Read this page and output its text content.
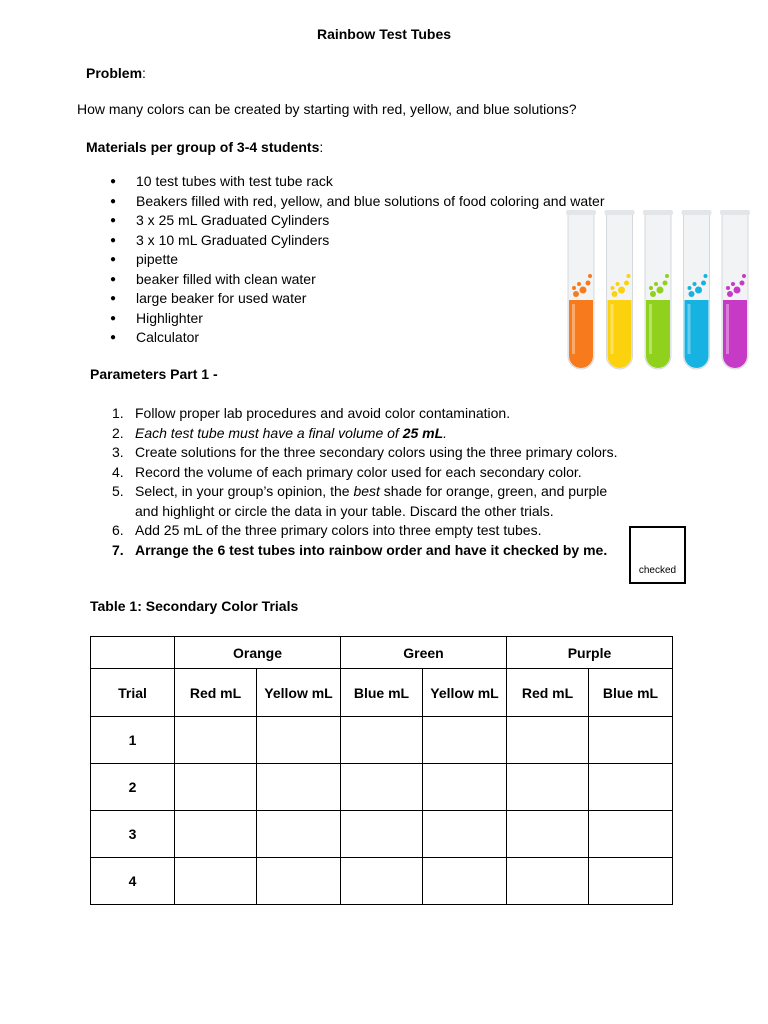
Rainbow Test Tubes
Problem:
How many colors can be created by starting with red, yellow, and blue solutions?
Materials per group of 3-4 students:
● 10 test tubes with test tube rack
● Beakers filled with red, yellow, and blue solutions of food coloring and water
● 3 x 25 mL Graduated Cylinders
● 3 x 10 mL Graduated Cylinders
● pipette
● beaker filled with clean water
● large beaker for used water
● Highlighter
● Calculator
Parameters Part 1 -
1. Follow proper lab procedures and avoid color contamination.
2. Each test tube must have a final volume of 25 mL.
3. Create solutions for the three secondary colors using the three primary colors.
4. Record the volume of each primary color used for each secondary color.
5. Select, in your group’s opinion, the best shade for orange, green, and purple and highlight or circle the data in your table. Discard the other trials.
6. Add 25 mL of the three primary colors into three empty test tubes.
7. Arrange the 6 test tubes into rainbow order and have it checked by me.
checked
Table 1: Secondary Color Trials
	Orange		Green		Purple	
Trial	Red mL	Yellow mL	Blue mL	Yellow mL	Red mL	Blue mL
1						
2						
3						
4						
